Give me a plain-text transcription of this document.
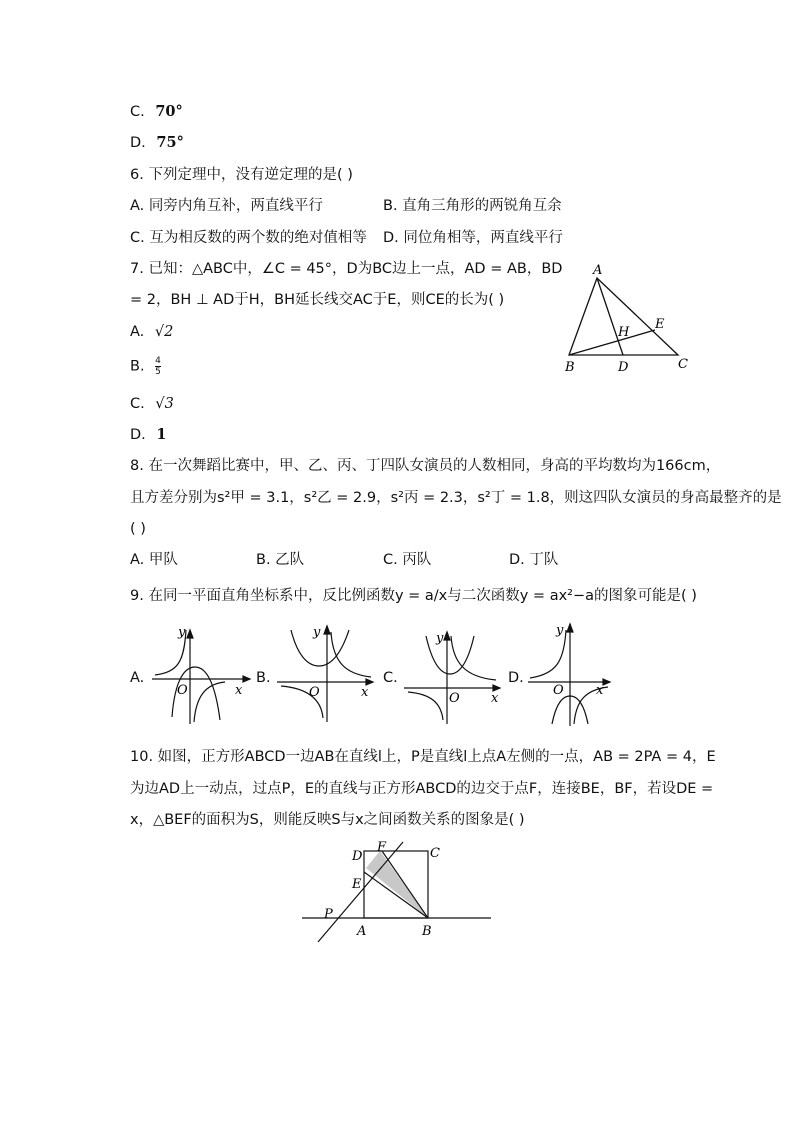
C. 70°
D. 75°
6. 下列定理中，没有逆定理的是( )
A. 同旁内角互补，两直线平行	B. 直角三角形的两锐角互余
C. 互为相反数的两个数的绝对值相等 D. 同位角相等，两直线平行
7. 已知：△ABC中，∠C = 45°，D为BC边上一点，AD = AB，BD
= 2，BH ⊥ AD于H，BH延长线交AC于E，则CE的长为( )
A. √2
B. $\frac{4}{5}$
C. √3
D. 1
A
B	C
D
E
H
8. 在一次舞蹈比赛中，甲、乙、丙、丁四队女演员的人数相同，身高的平均数均为166cm，
且方差分别为s²甲 = 3.1，s²乙 = 2.9，s²丙 = 2.3，s²丁 = 1.8，则这四队女演员的身高最整齐的是
( )
A. 甲队	B. 乙队	C. 丙队	D. 丁队
9. 在同一平面直角坐标系中，反比例函数y = a/x与二次函数y = ax²−a的图象可能是( )
A.	B.	C.	D.
y
x
O
y
x
O
y
x
O
y
x
O
10. 如图，正方形ABCD一边AB在直线l上，P是直线l上点A左侧的一点，AB = 2PA = 4，E
为边AD上一动点，过点P，E的直线与正方形ABCD的边交于点F，连接BE，BF，若设DE =
x，△BEF的面积为S，则能反映S与x之间函数关系的图象是( )
P
A	B
C
D
E
F
